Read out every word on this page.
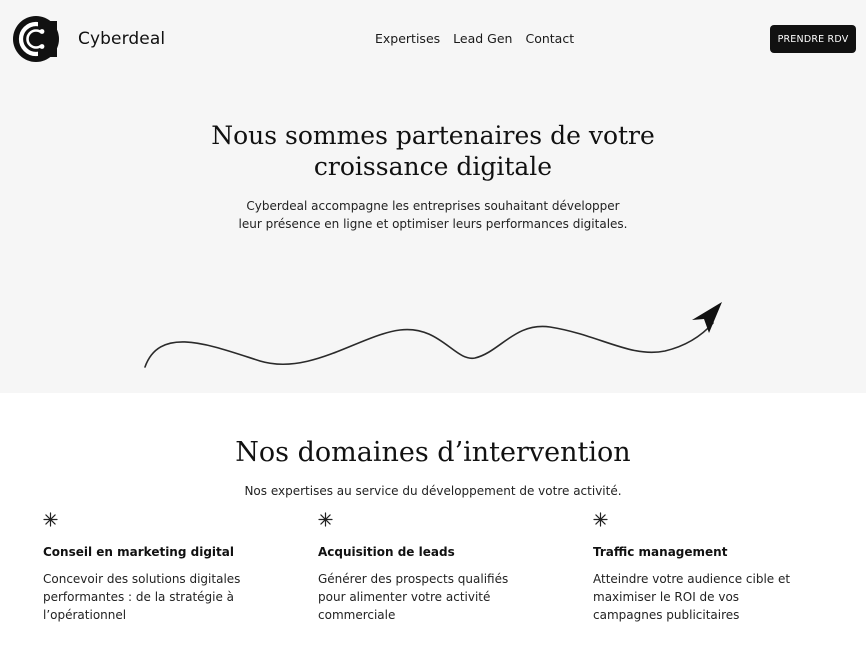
Cyberdeal	Expertises Lead Gen Contact	PRENDRE RDV
Nous sommes partenaires de votre croissance digitale

Cyberdeal accompagne les entreprises souhaitant développer leur présence en ligne et optimiser leurs performances digitales.

Nos domaines d’intervention

Nos expertises au service du développement de votre activité.

Conseil en marketing digital

Concevoir des solutions digitales performantes : de la stratégie à l’opérationnel

Acquisition de leads

Générer des prospects qualifiés pour alimenter votre activité commerciale

Traffic management

Atteindre votre audience cible et maximiser le ROI de vos campagnes publicitaires
